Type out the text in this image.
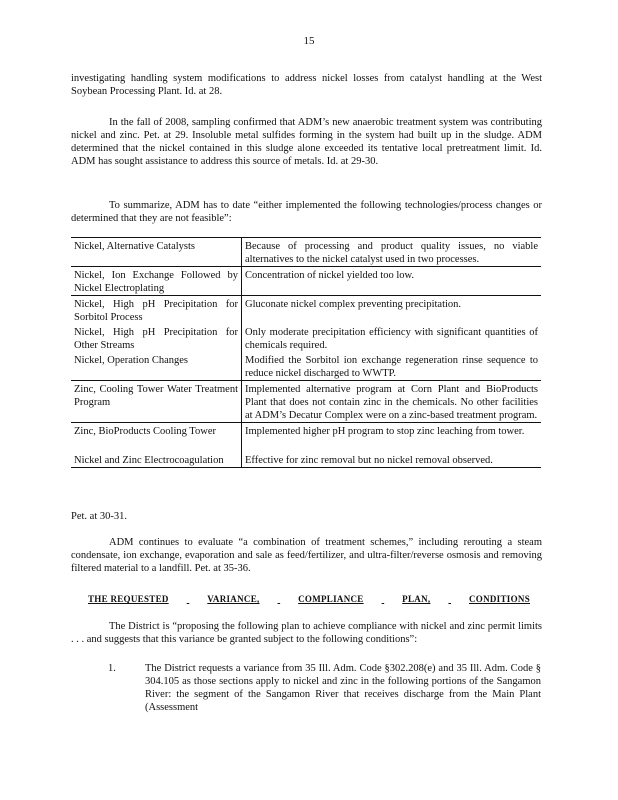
15
investigating handling system modifications to address nickel losses from catalyst handling at the West Soybean Processing Plant. Id. at 28.
In the fall of 2008, sampling confirmed that ADM’s new anaerobic treatment system was contributing nickel and zinc. Pet. at 29. Insoluble metal sulfides forming in the system had built up in the sludge. ADM determined that the nickel contained in this sludge alone exceeded its tentative local pretreatment limit. Id. ADM has sought assistance to address this source of metals. Id. at 29-30.
To summarize, ADM has to date “either implemented the following technologies/process changes or determined that they are not feasible”:
Nickel, Alternative Catalysts	Because of processing and product quality issues, no viable alternatives to the nickel catalyst used in two processes.
Nickel, Ion Exchange Followed by Nickel Electroplating	Concentration of nickel yielded too low.
Nickel, High pH Precipitation for Sorbitol Process	Gluconate nickel complex preventing precipitation.
Nickel, High pH Precipitation for Other Streams	Only moderate precipitation efficiency with significant quantities of chemicals required.
Nickel, Operation Changes	Modified the Sorbitol ion exchange regeneration rinse sequence to reduce nickel discharged to WWTP.
Zinc, Cooling Tower Water Treatment Program	Implemented alternative program at Corn Plant and BioProducts Plant that does not contain zinc in the chemicals. No other facilities at ADM’s Decatur Complex were on a zinc-based treatment program.
Zinc, BioProducts Cooling Tower	Implemented higher pH program to stop zinc leaching from tower.
Nickel and Zinc Electrocoagulation	Effective for zinc removal but no nickel removal observed.
Pet. at 30-31.
ADM continues to evaluate “a combination of treatment schemes,” including rerouting a steam condensate, ion exchange, evaporation and sale as feed/fertilizer, and ultra-filter/reverse osmosis and removing filtered material to a landfill. Pet. at 35-36.
THE REQUESTED	VARIANCE,	COMPLIANCE	PLAN,	CONDITIONS
The District is “proposing the following plan to achieve compliance with nickel and zinc permit limits . . . and suggests that this variance be granted subject to the following conditions”:
1.	The District requests a variance from 35 Ill. Adm. Code §302.208(e) and 35 Ill. Adm. Code § 304.105 as those sections apply to nickel and zinc in the following portions of the Sangamon River: the segment of the Sangamon River that receives discharge from the Main Plant (Assessment
